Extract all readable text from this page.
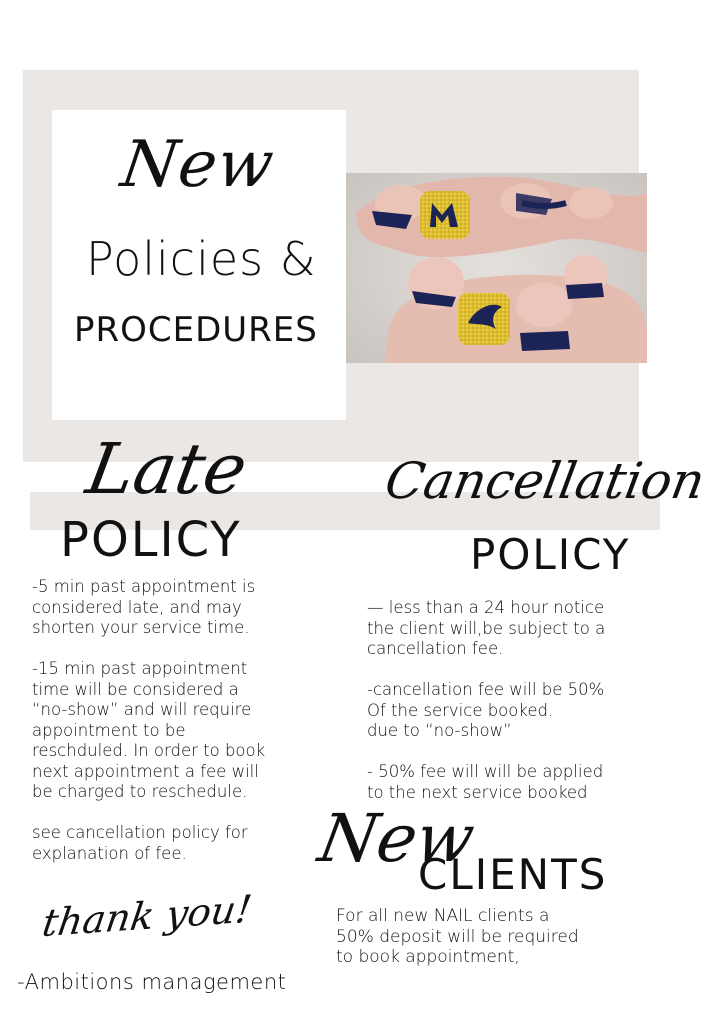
New
Policies &
PROCEDURES
Late
POLICY
-5 min past appointment is
considered late, and may
shorten your service time.

-15 min past appointment
time will be considered a
“no-show” and will require
appointment to be
reschduled. In order to book
next appointment a fee will
be charged to reschedule.

see cancellation policy for
explanation of fee.
Cancellation
POLICY
— less than a 24 hour notice
the client will,be subject to a
cancellation fee.

-cancellation fee will be 50%
Of the service booked.
due to “no-show”

- 50% fee will will be applied
to the next service booked
New
CLIENTS
For all new NAIL clients a
50% deposit will be required
to book appointment,
thank you!
-Ambitions management
